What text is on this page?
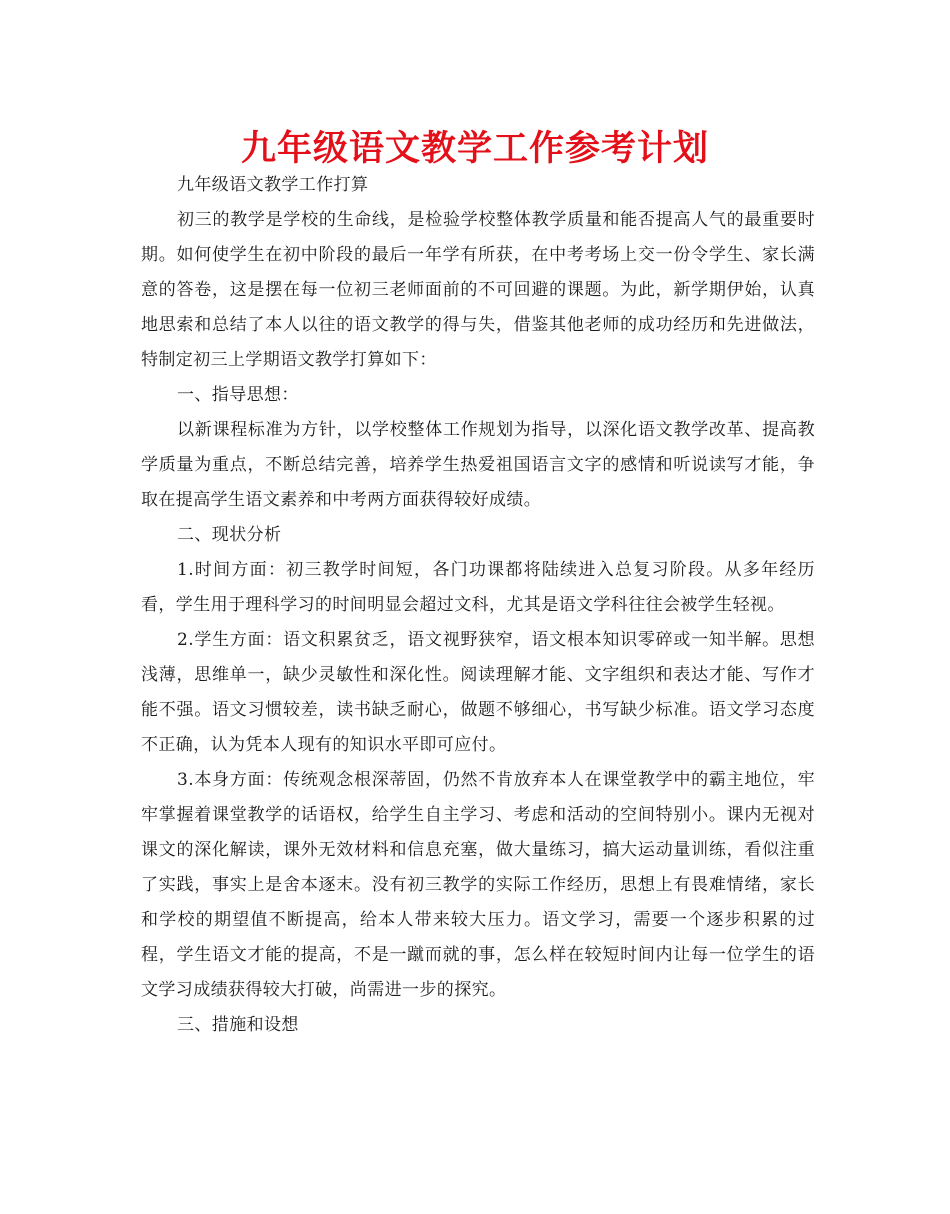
九年级语文教学工作参考计划

九年级语文教学工作打算

初三的教学是学校的生命线，是检验学校整体教学质量和能否提高人气的最重要时期。如何使学生在初中阶段的最后一年学有所获，在中考考场上交一份令学生、家长满意的答卷，这是摆在每一位初三老师面前的不可回避的课题。为此，新学期伊始，认真地思索和总结了本人以往的语文教学的得与失，借鉴其他老师的成功经历和先进做法，特制定初三上学期语文教学打算如下：

一、指导思想：

以新课程标准为方针，以学校整体工作规划为指导，以深化语文教学改革、提高教学质量为重点，不断总结完善，培养学生热爱祖国语言文字的感情和听说读写才能，争取在提高学生语文素养和中考两方面获得较好成绩。

二、现状分析

1.时间方面：初三教学时间短，各门功课都将陆续进入总复习阶段。从多年经历看，学生用于理科学习的时间明显会超过文科，尤其是语文学科往往会被学生轻视。

2.学生方面：语文积累贫乏，语文视野狭窄，语文根本知识零碎或一知半解。思想浅薄，思维单一，缺少灵敏性和深化性。阅读理解才能、文字组织和表达才能、写作才能不强。语文习惯较差，读书缺乏耐心，做题不够细心，书写缺少标准。语文学习态度不正确，认为凭本人现有的知识水平即可应付。

3.本身方面：传统观念根深蒂固，仍然不肯放弃本人在课堂教学中的霸主地位，牢牢掌握着课堂教学的话语权，给学生自主学习、考虑和活动的空间特别小。课内无视对课文的深化解读，课外无效材料和信息充塞，做大量练习，搞大运动量训练，看似注重了实践，事实上是舍本逐末。没有初三教学的实际工作经历，思想上有畏难情绪，家长和学校的期望值不断提高，给本人带来较大压力。语文学习，需要一个逐步积累的过程，学生语文才能的提高，不是一蹴而就的事，怎么样在较短时间内让每一位学生的语文学习成绩获得较大打破，尚需进一步的探究。

三、措施和设想
